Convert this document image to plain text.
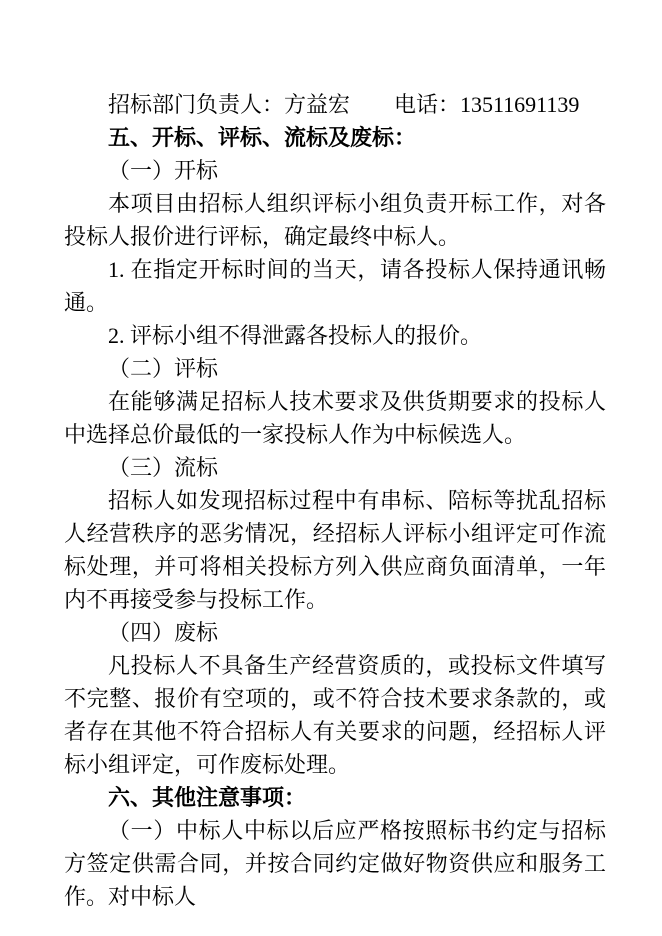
招标部门负责人：方益宏　　电话：13511691139

五、开标、评标、流标及废标：

（一）开标

本项目由招标人组织评标小组负责开标工作，对各投标人报价进行评标，确定最终中标人。

1. 在指定开标时间的当天，请各投标人保持通讯畅通。

2. 评标小组不得泄露各投标人的报价。

（二）评标

在能够满足招标人技术要求及供货期要求的投标人中选择总价最低的一家投标人作为中标候选人。

（三）流标

招标人如发现招标过程中有串标、陪标等扰乱招标人经营秩序的恶劣情况，经招标人评标小组评定可作流标处理，并可将相关投标方列入供应商负面清单，一年内不再接受参与投标工作。

（四）废标

凡投标人不具备生产经营资质的，或投标文件填写不完整、报价有空项的，或不符合技术要求条款的，或者存在其他不符合招标人有关要求的问题，经招标人评标小组评定，可作废标处理。

六、其他注意事项：

（一）中标人中标以后应严格按照标书约定与招标方签定供需合同，并按合同约定做好物资供应和服务工作。对中标人
